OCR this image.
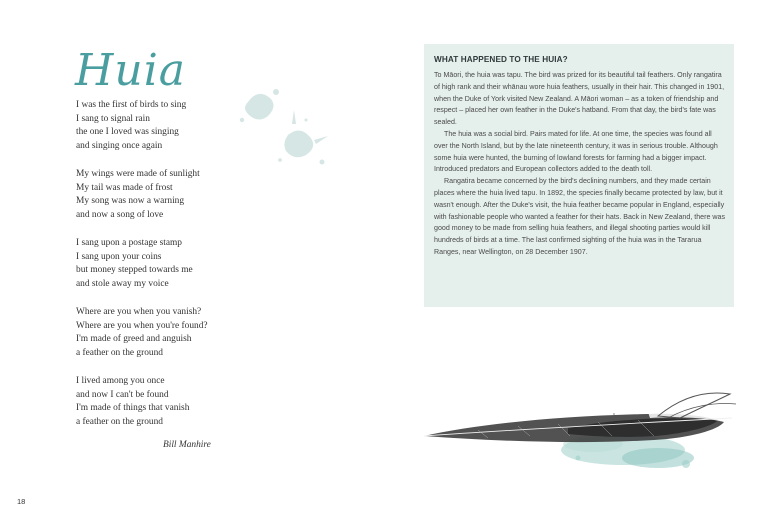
Huia
I was the first of birds to sing
I sang to signal rain
the one I loved was singing
and singing once again
My wings were made of sunlight
My tail was made of frost
My song was now a warning
and now a song of love
I sang upon a postage stamp
I sang upon your coins
but money stepped towards me
and stole away my voice
Where are you when you vanish?
Where are you when you're found?
I'm made of greed and anguish
a feather on the ground
I lived among you once
and now I can't be found
I'm made of things that vanish
a feather on the ground
Bill Manhire
18
WHAT HAPPENED TO THE HUIA?

To Māori, the huia was tapu. The bird was prized for its beautiful tail feathers. Only rangatira of high rank and their whānau wore huia feathers, usually in their hair. This changed in 1901, when the Duke of York visited New Zealand. A Māori woman – as a token of friendship and respect – placed her own feather in the Duke's hatband. From that day, the bird's fate was sealed.

The huia was a social bird. Pairs mated for life. At one time, the species was found all over the North Island, but by the late nineteenth century, it was in serious trouble. Although some huia were hunted, the burning of lowland forests for farming had a bigger impact. Introduced predators and European collectors added to the death toll.

Rangatira became concerned by the bird's declining numbers, and they made certain places where the huia lived tapu. In 1892, the species finally became protected by law, but it wasn't enough. After the Duke's visit, the huia feather became popular in England, especially with fashionable people who wanted a feather for their hats. Back in New Zealand, there was good money to be made from selling huia feathers, and illegal shooting parties would kill hundreds of birds at a time. The last confirmed sighting of the huia was in the Tararua Ranges, near Wellington, on 28 December 1907.
